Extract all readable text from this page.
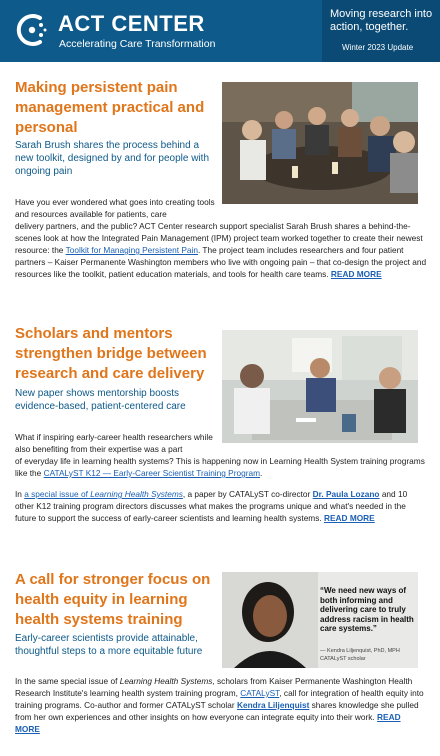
ACT CENTER
Accelerating Care Transformation
Moving research into action, together.
Winter 2023 Update
Making persistent pain management practical and personal
Sarah Brush shares the process behind a new toolkit, designed by and for people with ongoing pain
Have you ever wondered what goes into creating tools and resources available for patients, care
delivery partners, and the public? ACT Center research support specialist Sarah Brush shares a behind-the-scenes look at how the Integrated Pain Management (IPM) project team worked together to create their newest resource: the Toolkit for Managing Persistent Pain. The project team includes researchers and four patient partners – Kaiser Permanente Washington members who live with ongoing pain – that co-design the project and resources like the toolkit, patient education materials, and tools for health care teams. READ MORE
Scholars and mentors strengthen bridge between research and care delivery
New paper shows mentorship boosts evidence-based, patient-centered care
What if inspiring early-career health researchers while also benefiting from their expertise was a part
of everyday life in learning health systems? This is happening now in Learning Health System training programs like the CATALyST K12 — Early-Career Scientist Training Program.
In a special issue of Learning Health Systems, a paper by CATALyST co-director Dr. Paula Lozano and 10 other K12 training program directors discusses what makes the programs unique and what's needed in the future to support the success of early-career scientists and learning health systems. READ MORE
A call for stronger focus on health equity in learning health systems training
Early-career scientists provide attainable, thoughtful steps to a more equitable future
“We need new ways of both informing and delivering care to truly address racism in health care systems.”
— Kendra Liljenquist, PhD, MPH
CATALyST scholar
In the same special issue of Learning Health Systems, scholars from Kaiser Permanente Washington Health Research Institute's learning health system training program, CATALyST, call for integration of health equity into training programs. Co-author and former CATALyST scholar Kendra Liljenquist shares knowledge she pulled from her own experiences and other insights on how everyone can integrate equity into their work. READ MORE
